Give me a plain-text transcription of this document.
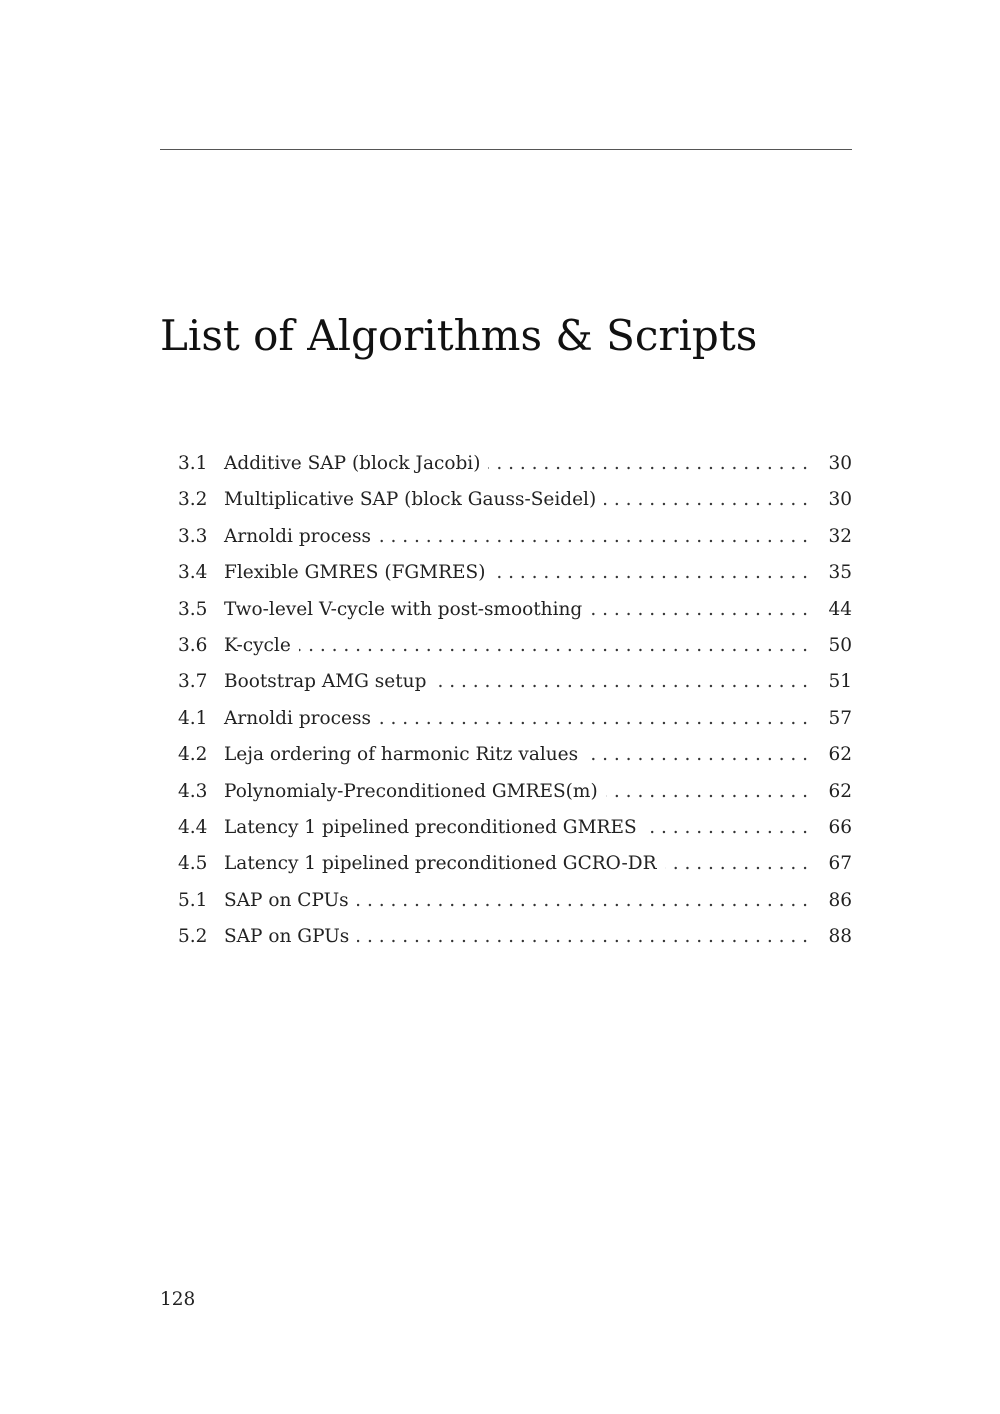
List of Algorithms & Scripts
3.1 Additive SAP (block Jacobi) . . .	30
3.2 Multiplicative SAP (block Gauss-Seidel) . . .	30
3.3 Arnoldi process . . .	32
3.4 Flexible GMRES (FGMRES) . . .	35
3.5 Two-level V-cycle with post-smoothing . . .	44
3.6 K-cycle . . .	50
3.7 Bootstrap AMG setup . . .	51
4.1 Arnoldi process . . .	57
4.2 Leja ordering of harmonic Ritz values . . .	62
4.3 Polynomialy-Preconditioned GMRES(m) . . .	62
4.4 Latency 1 pipelined preconditioned GMRES . . .	66
4.5 Latency 1 pipelined preconditioned GCRO-DR . . .	67
5.1 SAP on CPUs . . .	86
5.2 SAP on GPUs . . .	88
128
